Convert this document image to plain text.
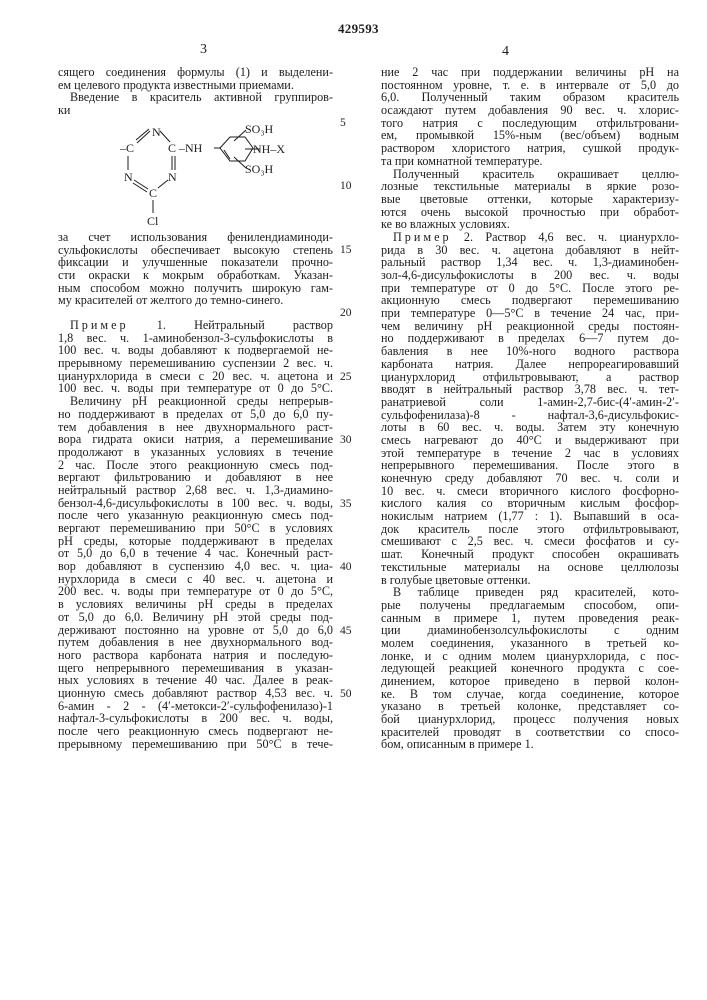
429593
3	4
сящего соединения формулы (1) и выделени-
ем целевого продукта известными приемами.
Введение в краситель активной группиров-
ки
N
–C	C –NH
N	N
C
Cl
SO₃H
NH–X
SO₃H
за счет использования фенилендиаминоди-
сульфокислоты обеспечивает высокую степень
фиксации и улучшенные показатели прочно-
сти окраски к мокрым обработкам. Указан-
ным способом можно получить широкую гам-
му красителей от желтого до темно-синего.
Пример 1. Нейтральный раствор
1,8 вес. ч. 1-аминобензол-3-сульфокислоты в
100 вес. ч. воды добавляют к подвергаемой не-
прерывному перемешиванию суспензии 2 вес. ч.
цианурхлорида в смеси с 20 вес. ч. ацетона и
100 вес. ч. воды при температуре от 0 до 5°С.
Величину pH реакционной среды непрерыв-
но поддерживают в пределах от 5,0 до 6,0 пу-
тем добавления в нее двухнормального раст-
вора гидрата окиси натрия, а перемешивание
продолжают в указанных условиях в течение
2 час. После этого реакционную смесь под-
вергают фильтрованию и добавляют в нее
нейтральный раствор 2,68 вес. ч. 1,3-диамино-
бензол-4,6-дисульфокислоты в 100 вес. ч. воды,
после чего указанную реакционную смесь под-
вергают перемешиванию при 50°С в условиях
pH среды, которые поддерживают в пределах
от 5,0 до 6,0 в течение 4 час. Конечный раст-
вор добавляют в суспензию 4,0 вес. ч. циа-
нурхлорида в смеси с 40 вес. ч. ацетона и
200 вес. ч. воды при температуре от 0 до 5°С,
в условиях величины pH среды в пределах
от 5,0 до 6,0. Величину pH этой среды под-
держивают постоянно на уровне от 5,0 до 6,0
путем добавления в нее двухнормального вод-
ного раствора карбоната натрия и последую-
щего непрерывного перемешивания в указан-
ных условиях в течение 40 час. Далее в реак-
ционную смесь добавляют раствор 4,53 вес. ч.
6-амин - 2 - (4′-метокси-2′-сульфофенилазо)-1
нафтал-3-сульфокислоты в 200 вес. ч. воды,
после чего реакционную смесь подвергают не-
прерывному перемешиванию при 50°С в тече-
ние 2 час при поддержании величины pH на
постоянном уровне, т. е. в интервале от 5,0 до
6,0. Полученный таким образом краситель
осаждают путем добавления 90 вес. ч. хлорис-
того натрия с последующим отфильтровани-
ем, промывкой 15%-ным (вес/объем) водным
раствором хлористого натрия, сушкой продук-
та при комнатной температуре.
Полученный краситель окрашивает целлю-
лозные текстильные материалы в яркие розо-
вые цветовые оттенки, которые характеризу-
ются очень высокой прочностью при обработ-
ке во влажных условиях.
Пример 2. Раствор 4,6 вес. ч. цианурхло-
рида в 30 вес. ч. ацетона добавляют в нейт-
ральный раствор 1,34 вес. ч. 1,3-диаминобен-
зол-4,6-дисульфокислоты в 200 вес. ч. воды
при температуре от 0 до 5°С. После этого ре-
акционную смесь подвергают перемешиванию
при температуре 0—5°С в течение 24 час, при-
чем величину pH реакционной среды постоян-
но поддерживают в пределах 6—7 путем до-
бавления в нее 10%-ного водного раствора
карбоната натрия. Далее непрореагировавший
цианурхлорид отфильтровывают, а раствор
вводят в нейтральный раствор 3,78 вес. ч. тет-
ранатриевой соли 1-амин-2,7-бис-(4′-амин-2′-
сульфофенилаза)-8 - нафтал-3,6-дисульфокис-
лоты в 60 вес. ч. воды. Затем эту конечную
смесь нагревают до 40°С и выдерживают при
этой температуре в течение 2 час в условиях
непрерывного перемешивания. После этого в
конечную среду добавляют 70 вес. ч. соли и
10 вес. ч. смеси вторичного кислого фосфорно-
кислого калия со вторичным кислым фосфор-
нокислым натрием (1,77 : 1). Выпавший в оса-
док краситель после этого отфильтровывают,
смешивают с 2,5 вес. ч. смеси фосфатов и су-
шат. Конечный продукт способен окрашивать
текстильные материалы на основе целлюлозы
в голубые цветовые оттенки.
В таблице приведен ряд красителей, кото-
рые получены предлагаемым способом, опи-
санным в примере 1, путем проведения реак-
ции диаминобензолсульфокислоты с одним
молем соединения, указанного в третьей ко-
лонке, и с одним молем цианурхлорида, с пос-
ледующей реакцией конечного продукта с сое-
динением, которое приведено в первой колон-
ке. В том случае, когда соединение, которое
указано в третьей колонке, представляет со-
бой цианурхлорид, процесс получения новых
красителей проводят в соответствии со спосо-
бом, описанным в примере 1.
5
10
15
20
25
30
35
40
45
50
